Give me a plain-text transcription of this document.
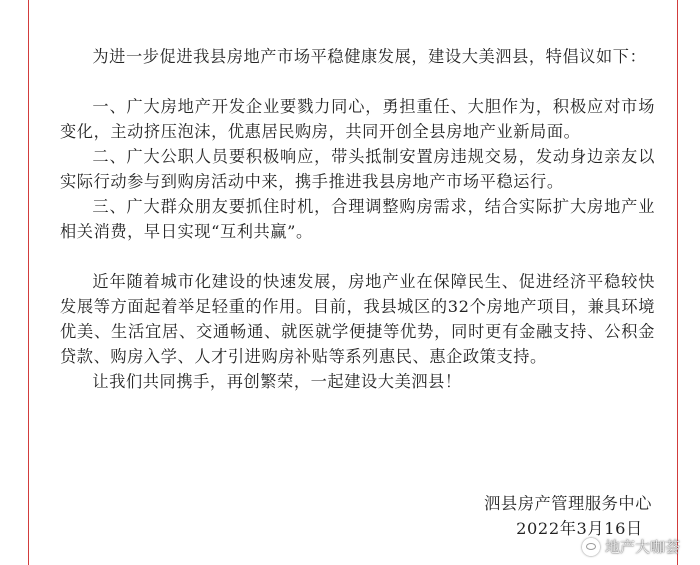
为进一步促进我县房地产市场平稳健康发展，建设大美泗县，特倡议如下：

一、广大房地产开发企业要戮力同心，勇担重任、大胆作为，积极应对市场变化，主动挤压泡沫，优惠居民购房，共同开创全县房地产业新局面。

二、广大公职人员要积极响应，带头抵制安置房违规交易，发动身边亲友以实际行动参与到购房活动中来，携手推进我县房地产市场平稳运行。

三、广大群众朋友要抓住时机，合理调整购房需求，结合实际扩大房地产业相关消费，早日实现“互利共赢”。

近年随着城市化建设的快速发展，房地产业在保障民生、促进经济平稳较快发展等方面起着举足轻重的作用。目前，我县城区的32个房地产项目，兼具环境优美、生活宜居、交通畅通、就医就学便捷等优势，同时更有金融支持、公积金贷款、购房入学、人才引进购房补贴等系列惠民、惠企政策支持。

让我们共同携手，再创繁荣，一起建设大美泗县！

泗县房产管理服务中心
2022年3月16日
地产大咖荟
